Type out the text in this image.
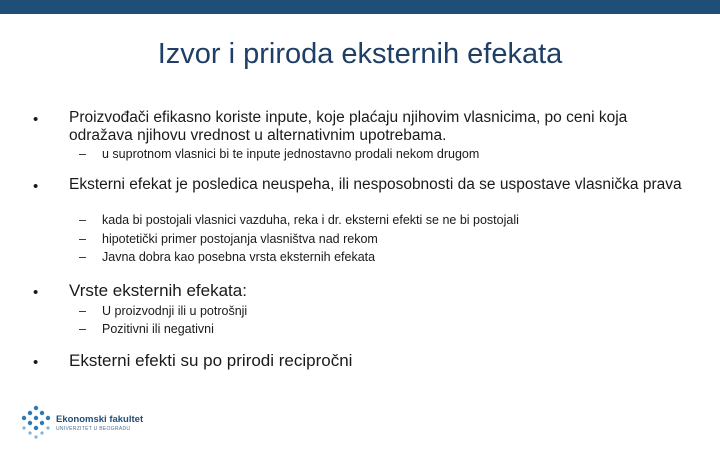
Izvor i priroda eksternih efekata
• Proizvođači efikasno koriste inpute, koje plaćaju njihovim vlasnicima, po ceni koja odražava njihovu vrednost u alternativnim upotrebama.
– u suprotnom vlasnici bi te inpute jednostavno prodali nekom drugom
• Eksterni efekat je posledica neuspeha, ili nesposobnosti da se uspostave vlasnička prava
– kada bi postojali vlasnici vazduha, reka i dr. eksterni efekti se ne bi postojali
– hipotetički primer postojanja vlasništva nad rekom
– Javna dobra kao posebna vrsta eksternih efekata
• Vrste eksternih efekata:
– U proizvodnji ili u potrošnji
– Pozitivni ili negativni
• Eksterni efekti su po prirodi recipročni
Ekonomski fakultet
UNIVERZITET U BEOGRADU
